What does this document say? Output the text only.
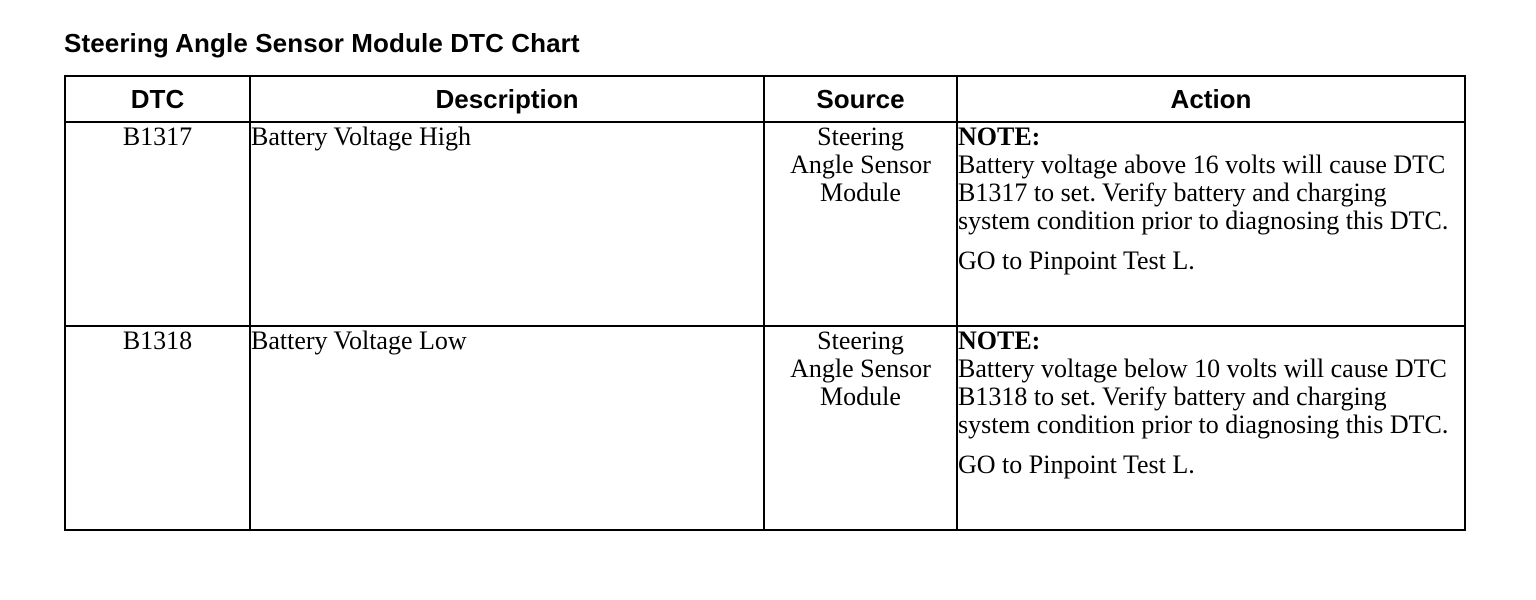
Steering Angle Sensor Module DTC Chart
DTC	Description	Source	Action
B1317	Battery Voltage High	Steering
Angle Sensor
Module	NOTE:
Battery voltage above 16 volts will cause DTC B1317 to set. Verify battery and charging system condition prior to diagnosing this DTC.
GO to Pinpoint Test L.

B1318	Battery Voltage Low	Steering
Angle Sensor
Module	NOTE:
Battery voltage below 10 volts will cause DTC B1318 to set. Verify battery and charging system condition prior to diagnosing this DTC.
GO to Pinpoint Test L.
